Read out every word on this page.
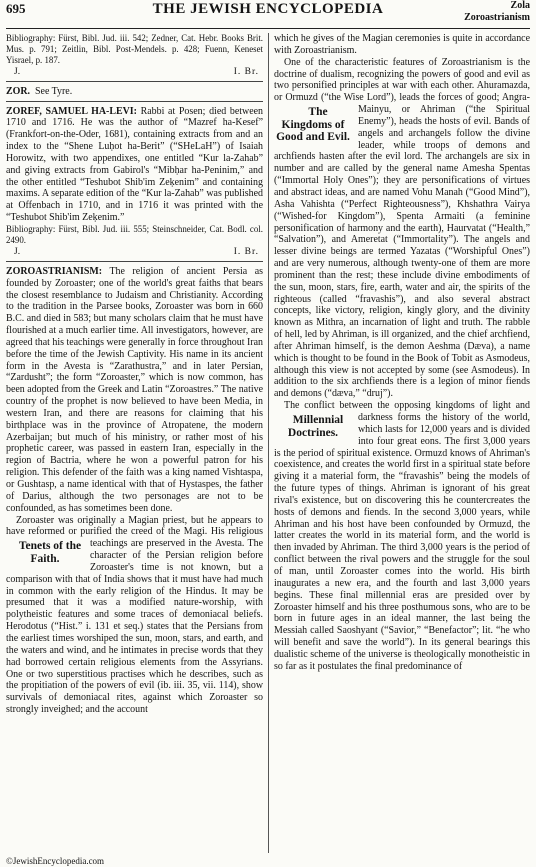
695	THE JEWISH ENCYCLOPEDIA	Zola
Zoroastrianism

Bibliography: Fürst, Bibl. Jud. iii. 542; Zedner, Cat. Hebr. Books Brit. Mus. p. 791; Zeitlin, Bibl. Post-Mendels. p. 428; Fuenn, Keneset Yisrael, p. 187.

J.	I. Br.

ZOR. See Tyre.

ZOREF, SAMUEL HA-LEVI: Rabbi at Posen; died between 1710 and 1716. He was the author of “Mazref ha-Kesef” (Frankfort-on-the-Oder, 1681), containing extracts from and an index to the “Shene Luḥot ha-Berit” (“SHeLaH”) of Isaiah Horowitz, with two appendixes, one entitled “Kur la-Zahab” and giving extracts from Gabirol's “Mibḥar ha-Peninim,” and the other entitled “Teshubot Shib'im Zeḳenim” and containing maxims. A separate edition of the “Kur la-Zahab” was published at Offenbach in 1710, and in 1716 it was printed with the “Teshubot Shib'im Zeḳenim.”

Bibliography: Fürst, Bibl. Jud. iii. 555; Steinschneider, Cat. Bodl. col. 2490.

J.	I. Br.

ZOROASTRIANISM: The religion of ancient Persia as founded by Zoroaster; one of the world's great faiths that bears the closest resemblance to Judaism and Christianity. According to the tradition in the Parsee books, Zoroaster was born in 660 B.C. and died in 583; but many scholars claim that he must have flourished at a much earlier time. All investigators, however, are agreed that his teachings were generally in force throughout Iran before the time of the Jewish Captivity. His name in its ancient form in the Avesta is “Zarathustra,” and in later Persian, “Zardusht”; the form “Zoroaster,” which is now common, has been adopted from the Greek and Latin “Zoroastres.” The native country of the prophet is now believed to have been Media, in western Iran, and there are reasons for claiming that his birthplace was in the province of Atropatene, the modern Azerbaijan; but much of his ministry, or rather most of his prophetic career, was passed in eastern Iran, especially in the region of Bactria, where he won a powerful patron for his religion. This defender of the faith was a king named Vishtaspa, or Gushtasp, a name identical with that of Hystaspes, the father of Darius, although the two personages are not to be confounded, as has sometimes been done.

Zoroaster was originally a Magian priest, but he appears to have reformed or purified the creed of the Magi. His religious teachings are preserved in the
Tenets of the Faith.
Avesta. The character of the Persian religion before Zoroaster's time is not known, but a comparison with that of India shows that it must have had much in common with the early religion of the Hindus. It may be presumed that it was a modified nature-worship, with polytheistic features and some traces of demoniacal beliefs. Herodotus (“Hist.” i. 131 et seq.) states that the Persians from the earliest times worshiped the sun, moon, stars, and earth, and the waters and wind, and he intimates in precise words that they had borrowed certain religious elements from the Assyrians. One or two superstitious practises which he describes, such as the propitiation of the powers of evil (ib. iii. 35, vii. 114), show survivals of demoniacal rites, against which Zoroaster so strongly inveighed; and the account

which he gives of the Magian ceremonies is quite in accordance with Zoroastrianism.

One of the characteristic features of Zoroastrianism is the doctrine of dualism, recognizing the powers of good and evil as two personified principles at war with each other. Ahuramazda, or Ormuzd (“the Wise Lord”), leads the forces of good; Angra-
The Kingdoms of Good and Evil.
Mainyu, or Ahriman (“the Spiritual Enemy”), heads the hosts of evil. Bands of angels and archangels follow the divine leader, while troops of demons and archfiends hasten after the evil lord. The archangels are six in number and are called by the general name Amesha Spentas (“Immortal Holy Ones”); they are personifications of virtues and abstract ideas, and are named Vohu Manah (“Good Mind”), Asha Vahishta (“Perfect Righteousness”), Khshathra Vairya (“Wished-for Kingdom”), Spenta Armaiti (a feminine personification of harmony and the earth), Haurvatat (“Health,” “Salvation”), and Ameretat (“Immortality”). The angels and lesser divine beings are termed Yazatas (“Worshipful Ones”) and are very numerous, although twenty-one of them are more prominent than the rest; these include divine embodiments of the sun, moon, stars, fire, earth, water and air, the spirits of the righteous (called “fravashis”), and also several abstract concepts, like victory, religion, kingly glory, and the divinity known as Mithra, an incarnation of light and truth. The rabble of hell, led by Ahriman, is ill organized, and the chief archfiend, after Ahriman himself, is the demon Aeshma (Dæva), a name which is thought to be found in the Book of Tobit as Asmodeus, although this view is not accepted by some (see Asmodeus). In addition to the six archfiends there is a legion of minor fiends and demons (“dæva,” “druj”).

The conflict between the opposing kingdoms of light and darkness forms the history of the world,
Millennial Doctrines.	which lasts for 12,000 years and is divided into four great eons. The first 3,000 years is the period of spiritual existence. Ormuzd knows of Ahriman's coexistence, and creates the world first in a spiritual state before giving it a material form, the “fravashis” being the models of the future types of things. Ahriman is ignorant of his great rival's existence, but on discovering this he countercreates the hosts of demons and fiends. In the second 3,000 years, while Ahriman and his host have been confounded by Ormuzd, the latter creates the world in its material form, and the world is then invaded by Ahriman. The third 3,000 years is the period of conflict between the rival powers and the struggle for the soul of man, until Zoroaster comes into the world. His birth inaugurates a new era, and the fourth and last 3,000 years begins. These final millennial eras are presided over by Zoroaster himself and his three posthumous sons, who are to be born in future ages in an ideal manner, the last being the Messiah called Saoshyant (“Savior,” “Benefactor”; lit. “he who will benefit and save the world”). In its general bearings this dualistic scheme of the universe is theologically monotheistic in so far as it postulates the final predominance of

©JewishEncyclopedia.com
